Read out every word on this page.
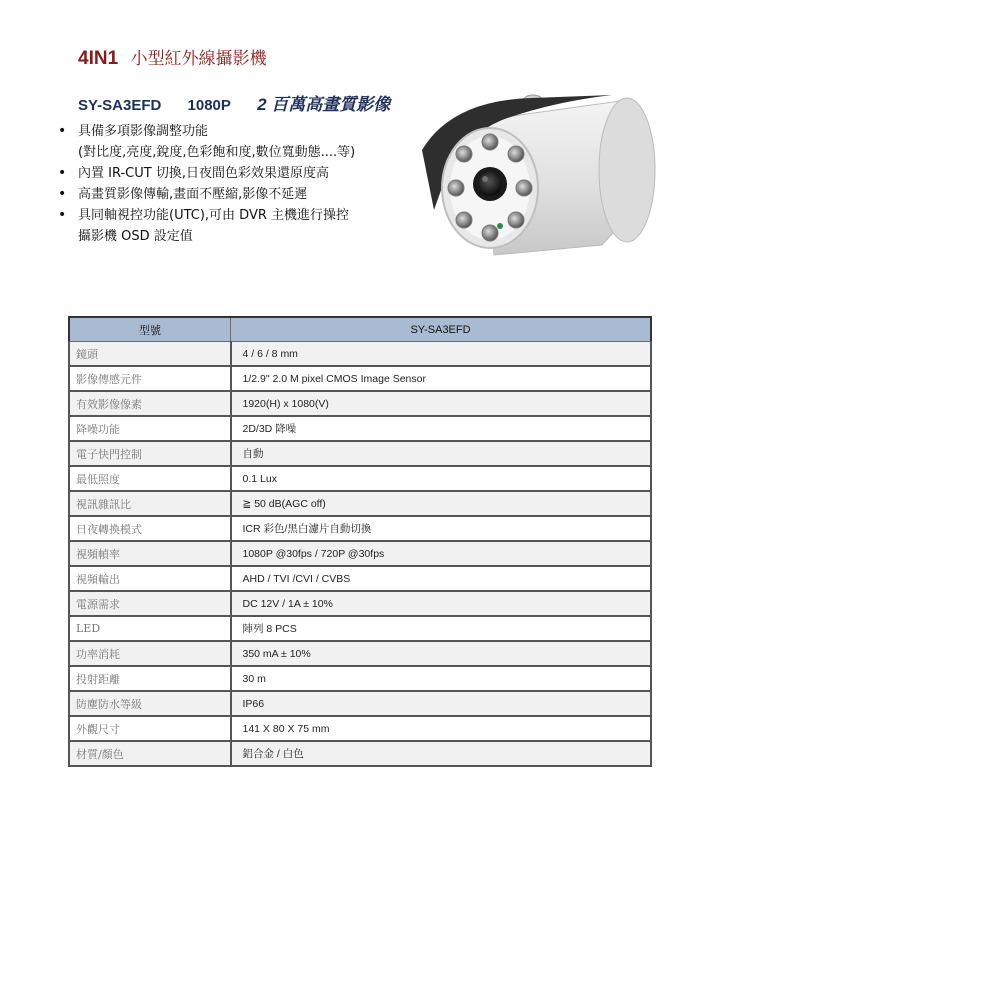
4IN1 小型紅外線攝影機
SY-SA3EFD 1080P 2 百萬高畫質影像
• 具備多項影像調整功能
(對比度,亮度,銳度,色彩飽和度,數位寬動態....等)
• 內置 IR-CUT 切換,日夜間色彩效果還原度高
• 高畫質影像傳輸,畫面不壓縮,影像不延遲
• 具同軸視控功能(UTC),可由 DVR 主機進行操控
攝影機 OSD 設定值
型號	SY-SA3EFD
鏡頭	4 / 6 / 8 mm
影像傳感元件	1/2.9" 2.0 M pixel CMOS Image Sensor
有效影像像素	1920(H) x 1080(V)
降噪功能	2D/3D 降噪
電子快門控制	自動
最低照度	0.1 Lux
視訊雜訊比	≧ 50 dB(AGC off)
日夜轉換模式	ICR 彩色/黑白濾片自動切換
視頻幀率	1080P @30fps / 720P @30fps
視頻輸出	AHD / TVI /CVI / CVBS
電源需求	DC 12V / 1A ± 10%
LED	陣列 8 PCS
功率消耗	350 mA ± 10%
投射距離	30 m
防塵防水等級	IP66
外觀尺寸	141 X 80 X 75 mm
材質/顏色	鋁合金 / 白色
